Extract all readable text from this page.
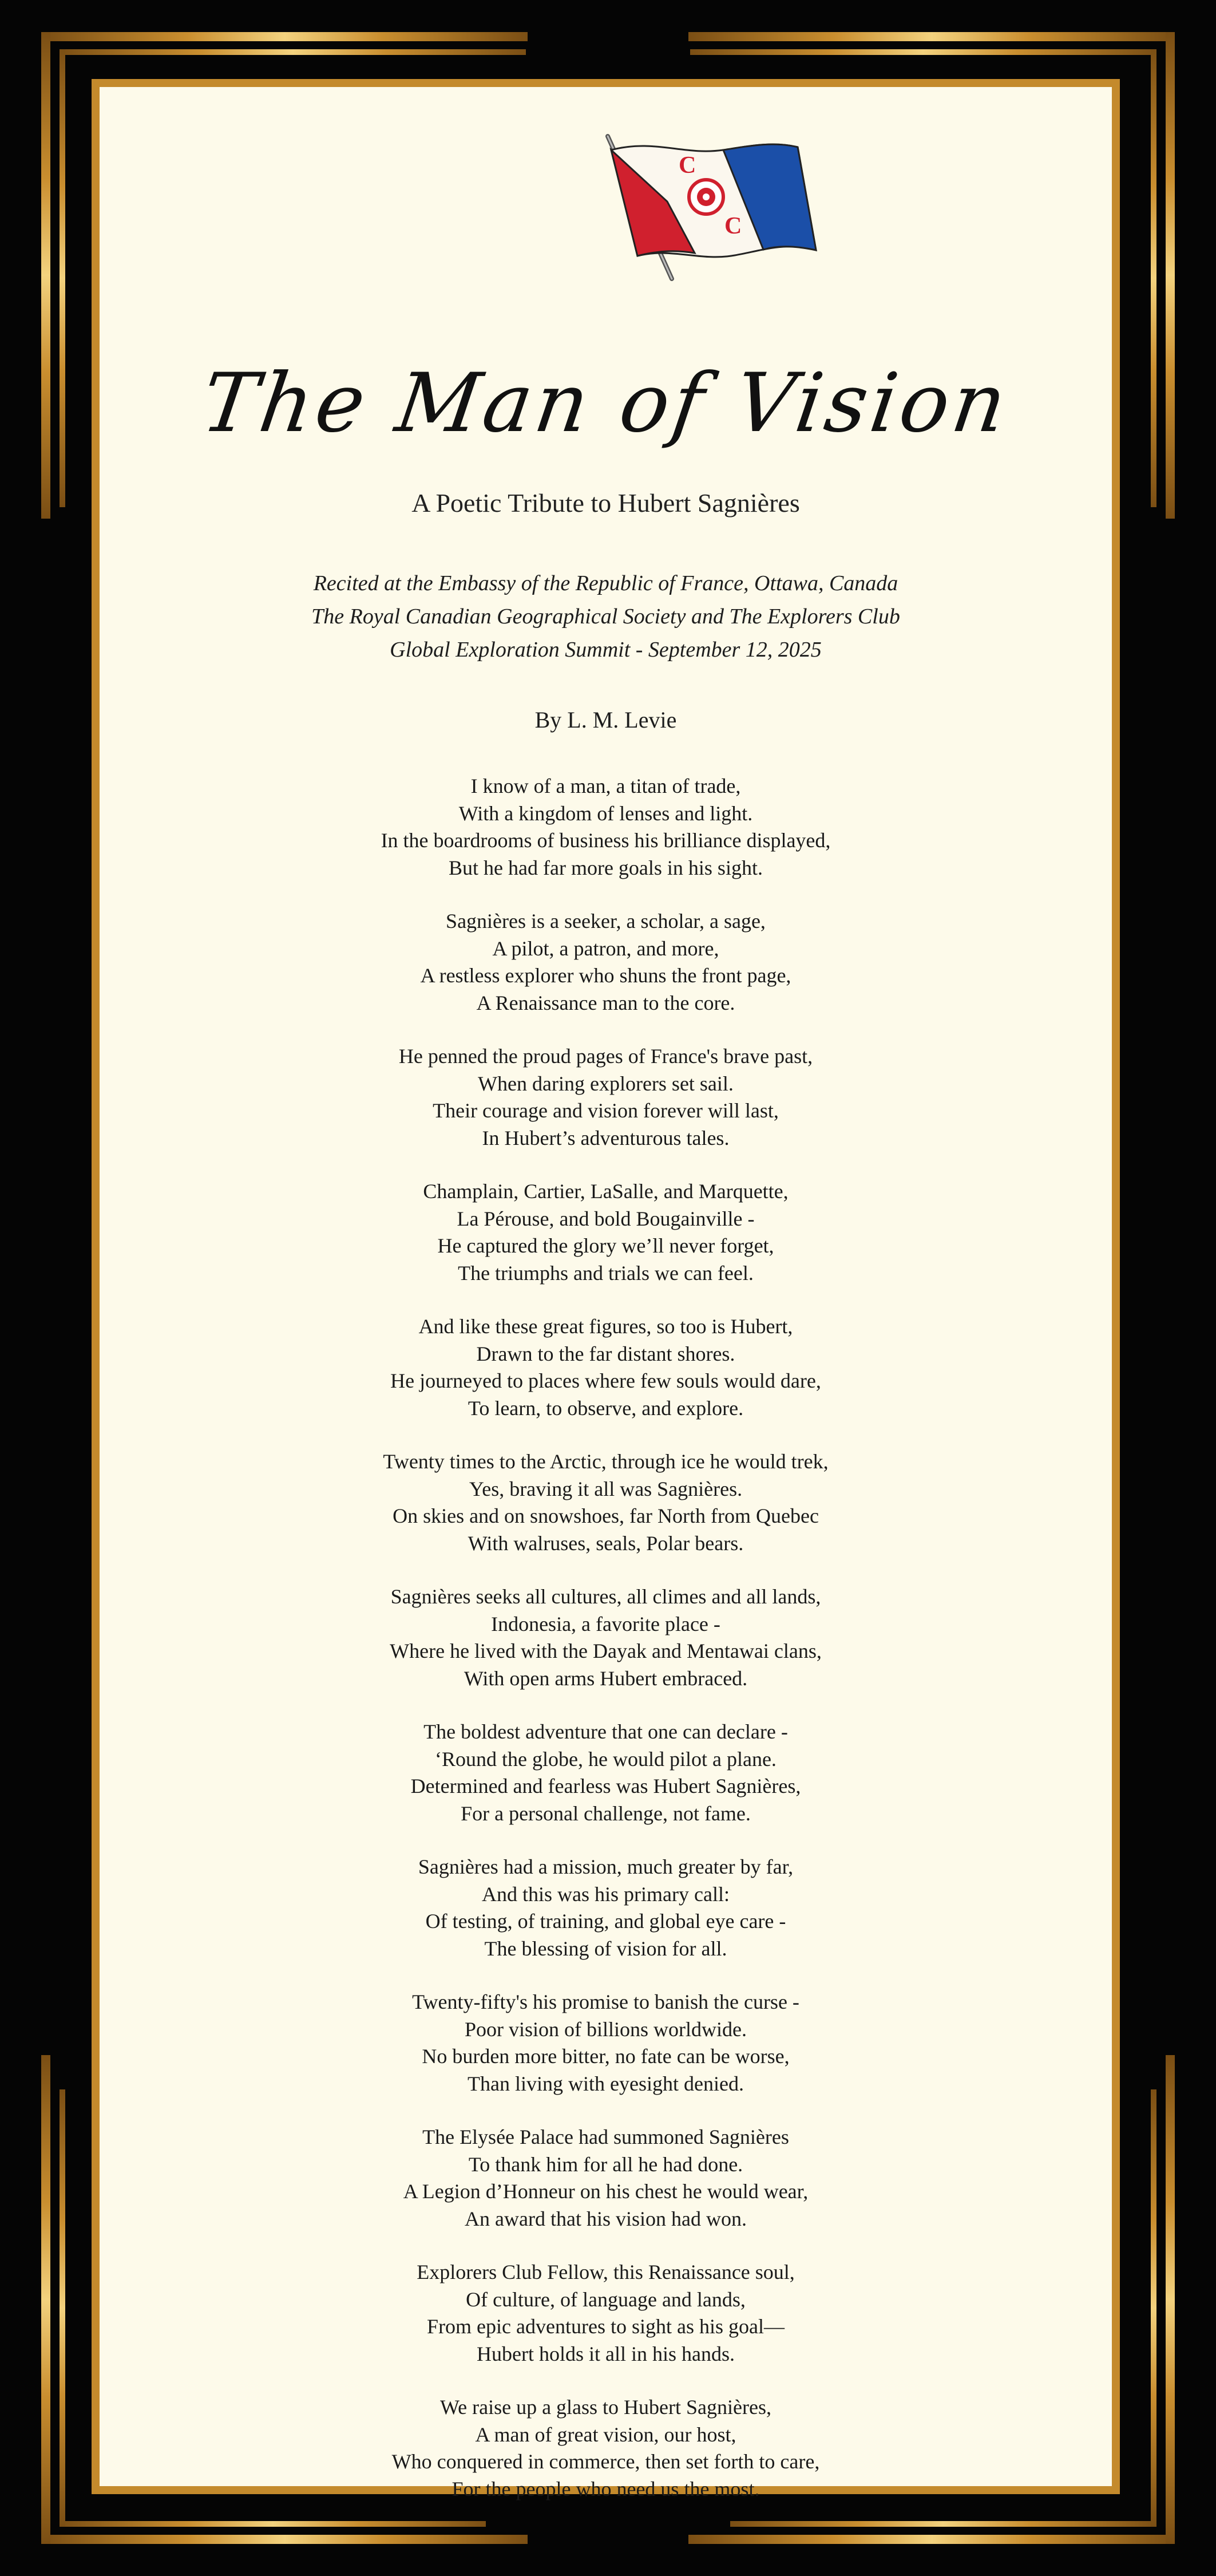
C
C
The Man of Vision
A Poetic Tribute to Hubert Sagnières
Recited at the Embassy of the Republic of France, Ottawa, Canada
The Royal Canadian Geographical Society and The Explorers Club
Global Exploration Summit - September 12, 2025
By L. M. Levie
I know of a man, a titan of trade,
With a kingdom of lenses and light.
In the boardrooms of business his brilliance displayed,
But he had far more goals in his sight.
Sagnières is a seeker, a scholar, a sage,
A pilot, a patron, and more,
A restless explorer who shuns the front page,
A Renaissance man to the core.
He penned the proud pages of France's brave past,
When daring explorers set sail.
Their courage and vision forever will last,
In Hubert’s adventurous tales.
Champlain, Cartier, LaSalle, and Marquette,
La Pérouse, and bold Bougainville -
He captured the glory we’ll never forget,
The triumphs and trials we can feel.
And like these great figures, so too is Hubert,
Drawn to the far distant shores.
He journeyed to places where few souls would dare,
To learn, to observe, and explore.
Twenty times to the Arctic, through ice he would trek,
Yes, braving it all was Sagnières.
On skies and on snowshoes, far North from Quebec
With walruses, seals, Polar bears.
Sagnières seeks all cultures, all climes and all lands,
Indonesia, a favorite place -
Where he lived with the Dayak and Mentawai clans,
With open arms Hubert embraced.
The boldest adventure that one can declare -
‘Round the globe, he would pilot a plane.
Determined and fearless was Hubert Sagnières,
For a personal challenge, not fame.
Sagnières had a mission, much greater by far,
And this was his primary call:
Of testing, of training, and global eye care -
The blessing of vision for all.
Twenty-fifty's his promise to banish the curse -
Poor vision of billions worldwide.
No burden more bitter, no fate can be worse,
Than living with eyesight denied.
The Elysée Palace had summoned Sagnières
To thank him for all he had done.
A Legion d’Honneur on his chest he would wear,
An award that his vision had won.
Explorers Club Fellow, this Renaissance soul,
Of culture, of language and lands,
From epic adventures to sight as his goal—
Hubert holds it all in his hands.
We raise up a glass to Hubert Sagnières,
A man of great vision, our host,
Who conquered in commerce, then set forth to care,
For the people who need us the most.
